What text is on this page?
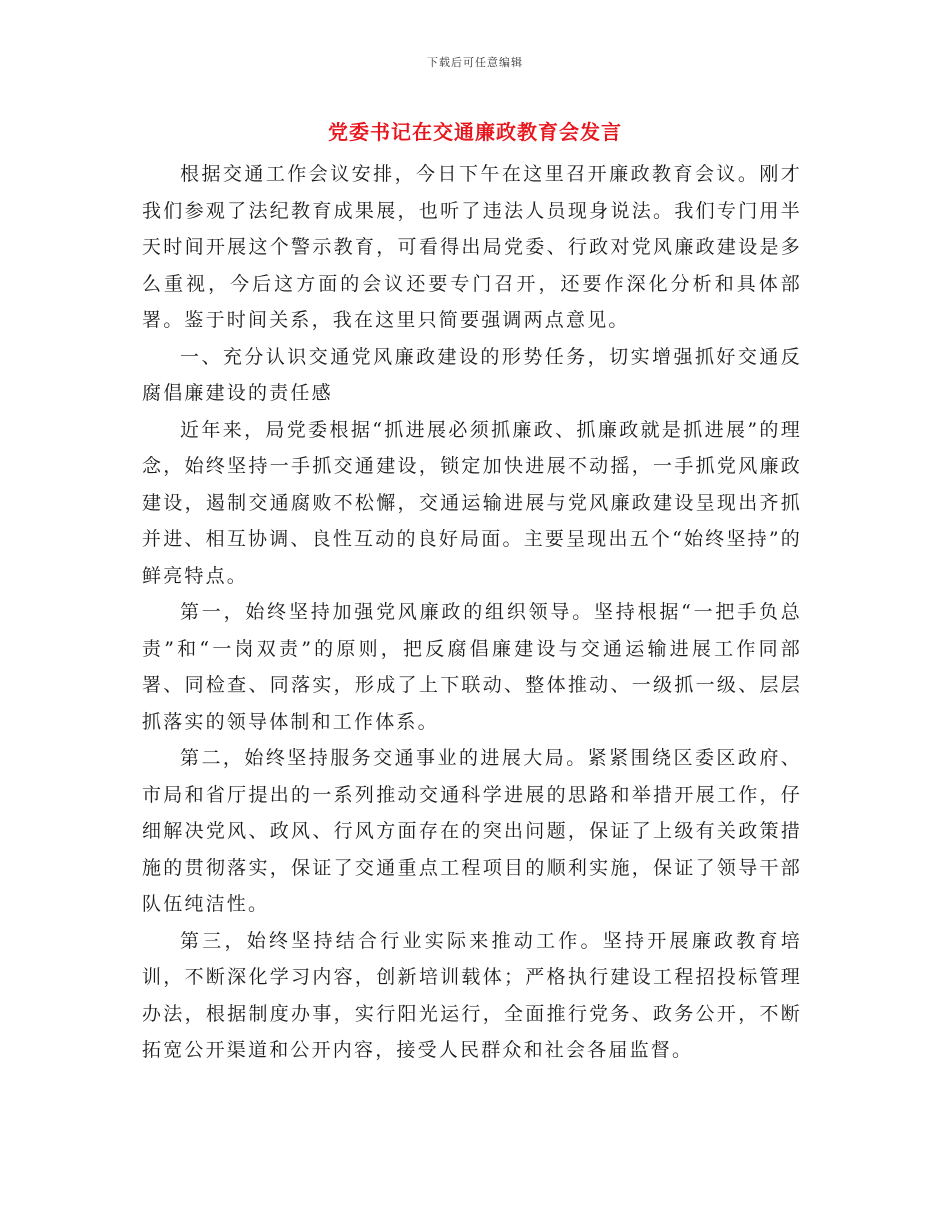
下载后可任意编辑
党委书记在交通廉政教育会发言

根据交通工作会议安排，今日下午在这里召开廉政教育会议。刚才我们参观了法纪教育成果展，也听了违法人员现身说法。我们专门用半天时间开展这个警示教育，可看得出局党委、行政对党风廉政建设是多么重视，今后这方面的会议还要专门召开，还要作深化分析和具体部署。鉴于时间关系，我在这里只简要强调两点意见。

一、充分认识交通党风廉政建设的形势任务，切实增强抓好交通反腐倡廉建设的责任感

近年来，局党委根据“抓进展必须抓廉政、抓廉政就是抓进展”的理念，始终坚持一手抓交通建设，锁定加快进展不动摇，一手抓党风廉政建设，遏制交通腐败不松懈，交通运输进展与党风廉政建设呈现出齐抓并进、相互协调、良性互动的良好局面。主要呈现出五个“始终坚持”的鲜亮特点。

第一，始终坚持加强党风廉政的组织领导。坚持根据“一把手负总责”和“一岗双责”的原则，把反腐倡廉建设与交通运输进展工作同部署、同检查、同落实，形成了上下联动、整体推动、一级抓一级、层层抓落实的领导体制和工作体系。

第二，始终坚持服务交通事业的进展大局。紧紧围绕区委区政府、市局和省厅提出的一系列推动交通科学进展的思路和举措开展工作，仔细解决党风、政风、行风方面存在的突出问题，保证了上级有关政策措施的贯彻落实，保证了交通重点工程项目的顺利实施，保证了领导干部队伍纯洁性。

第三，始终坚持结合行业实际来推动工作。坚持开展廉政教育培训，不断深化学习内容，创新培训载体；严格执行建设工程招投标管理办法，根据制度办事，实行阳光运行，全面推行党务、政务公开，不断拓宽公开渠道和公开内容，接受人民群众和社会各届监督。
